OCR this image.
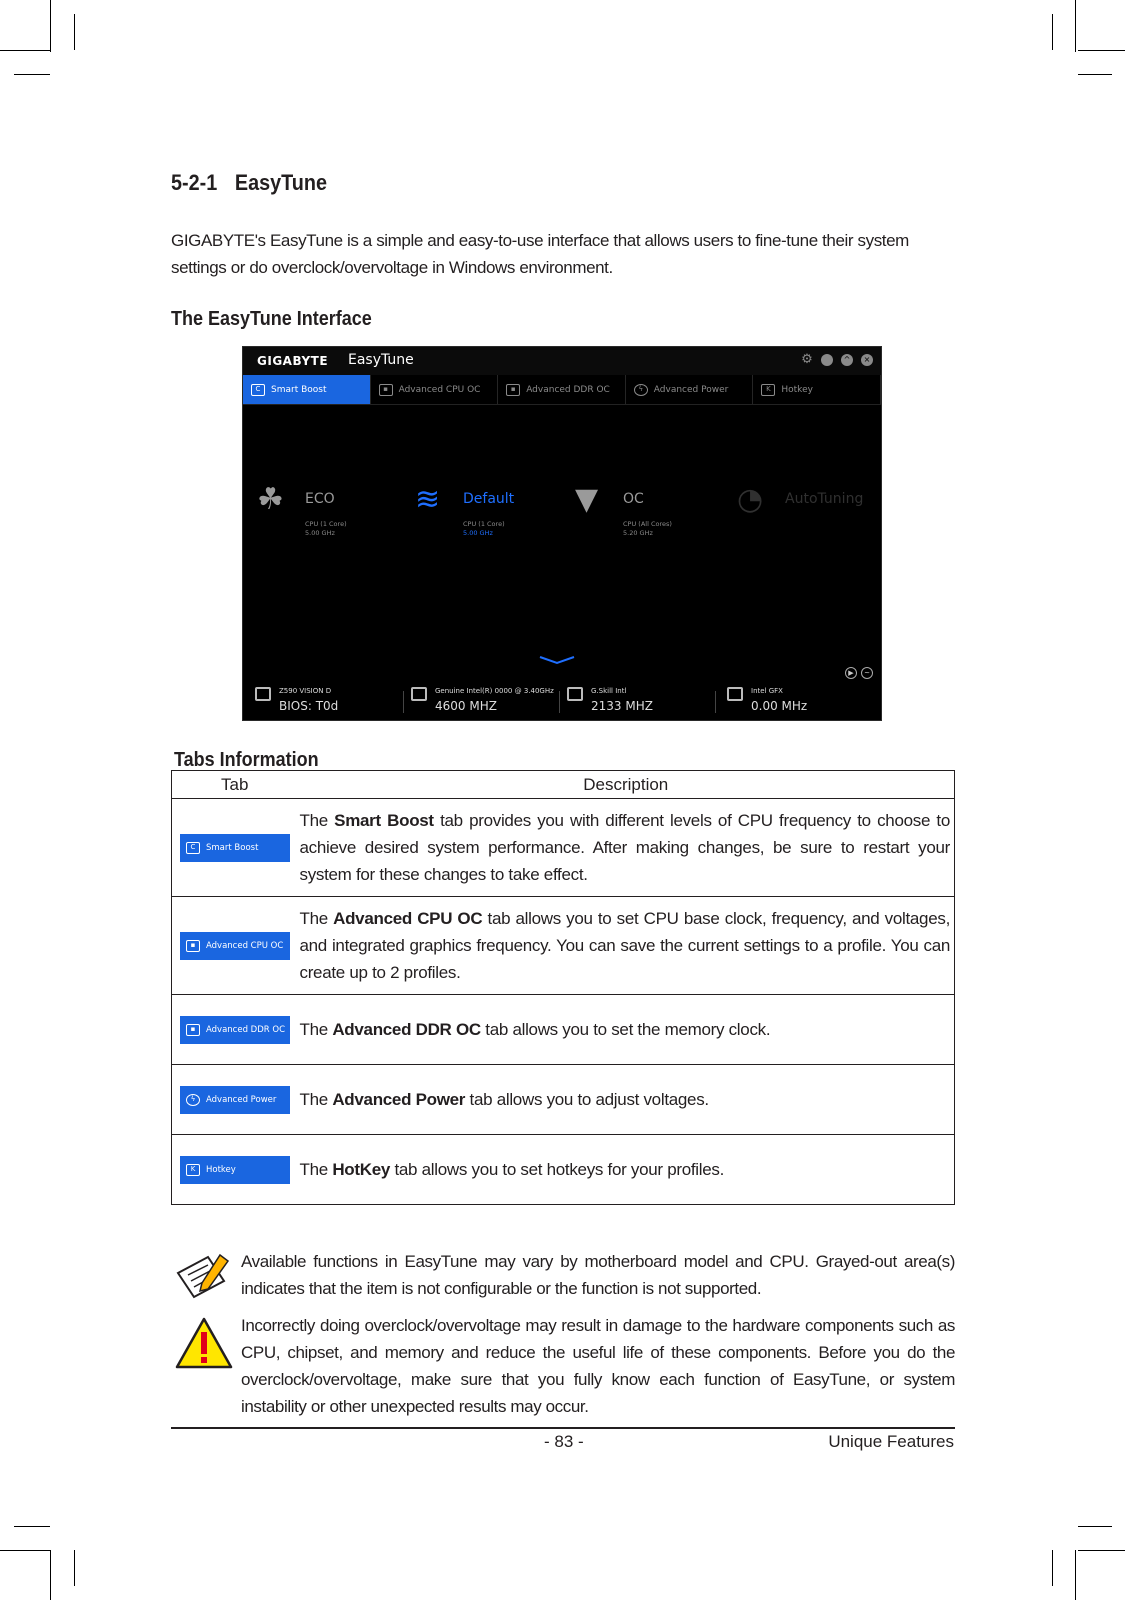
5-2-1 EasyTune

GIGABYTE's EasyTune is a simple and easy-to-use interface that allows users to fine-tune their system settings or do overclock/overvoltage in Windows environment.

The EasyTune Interface
GIGABYTE EasyTune	⚙	^	×
C	Smart Boost	▪	Advanced CPU OC	▪	Advanced DDR OC	ϟ	Advanced Power	K	Hotkey
☘ ECO
CPU (1 Core)
5.00 GHz
≋ Default
CPU (1 Core)
5.00 GHz
▼ OC
CPU (All Cores)
5.20 GHz
◔ AutoTuning
▶	~
Z590 VISION D
BIOS: T0d
Genuine Intel(R) 0000 @ 3.40GHz
4600 MHZ
G.Skill Intl
2133 MHZ
Intel GFX
0.00 MHz
Tabs Information
Tab	Description

C Smart Boost	The Smart Boost tab provides you with different levels of CPU frequency to choose to achieve desired system performance. After making changes, be sure to restart your system for these changes to take effect.

▪ Advanced CPU OC	The Advanced CPU OC tab allows you to set CPU base clock, frequency, and voltages, and integrated graphics frequency. You can save the current settings to a profile. You can create up to 2 profiles.

▪ Advanced DDR OC	The Advanced DDR OC tab allows you to set the memory clock.

ϟ Advanced Power	The Advanced Power tab allows you to adjust voltages.

K Hotkey	The HotKey tab allows you to set hotkeys for your profiles.

Available functions in EasyTune may vary by motherboard model and CPU. Grayed-out area(s) indicates that the item is not configurable or the function is not supported.

Incorrectly doing overclock/overvoltage may result in damage to the hardware components such as CPU, chipset, and memory and reduce the useful life of these components. Before you do the overclock/overvoltage, make sure that you fully know each function of EasyTune, or system instability or other unexpected results may occur.

- 83 -	Unique Features
